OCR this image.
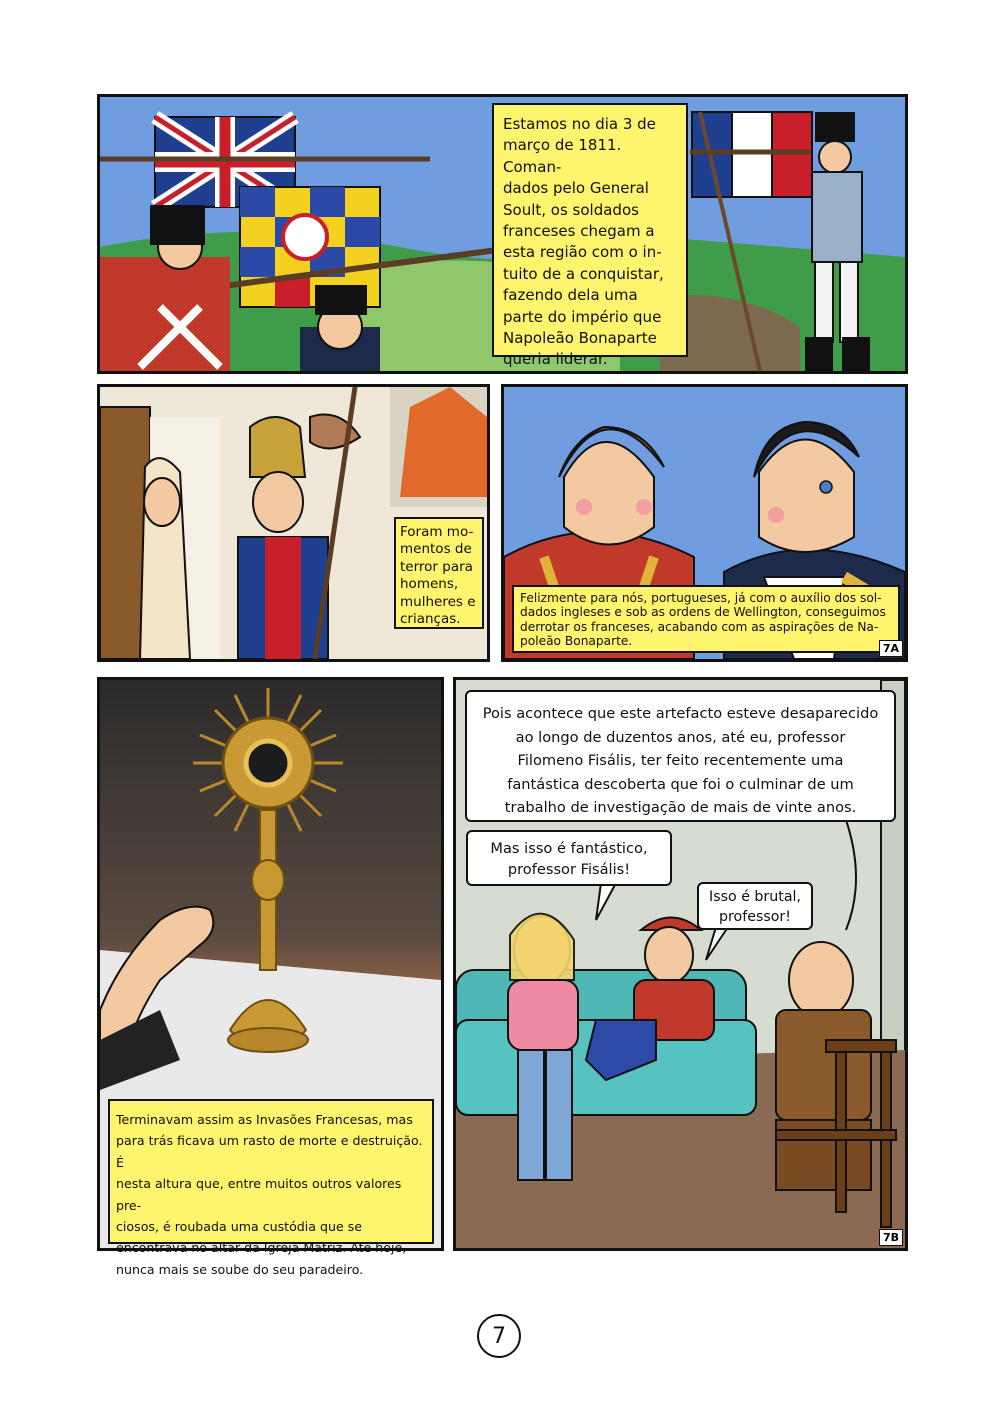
Estamos no dia 3 de
março de 1811. Coman-
dados pelo General
Soult, os soldados
franceses chegam a
esta região com o in-
tuito de a conquistar,
fazendo dela uma
parte do império que
Napoleão Bonaparte
queria liderar.
Foram mo-
mentos de
terror para
homens,
mulheres e
crianças.
Felizmente para nós, portugueses, já com o auxílio dos sol-
dados ingleses e sob as ordens de Wellington, conseguimos
derrotar os franceses, acabando com as aspirações de Na-
poleão Bonaparte.
7A
Terminavam assim as Invasões Francesas, mas
para trás ficava um rasto de morte e destruição. É
nesta altura que, entre muitos outros valores pre-
ciosos, é roubada uma custódia que se
encontrava no altar da Igreja Matriz. Até hoje,
nunca mais se soube do seu paradeiro.
Pois acontece que este artefacto esteve desaparecido
ao longo de duzentos anos, até eu, professor
Filomeno Fisális, ter feito recentemente uma
fantástica descoberta que foi o culminar de um
trabalho de investigação de mais de vinte anos.
Mas isso é fantástico,
professor Fisális!
Isso é brutal,
professor!
7B
7
